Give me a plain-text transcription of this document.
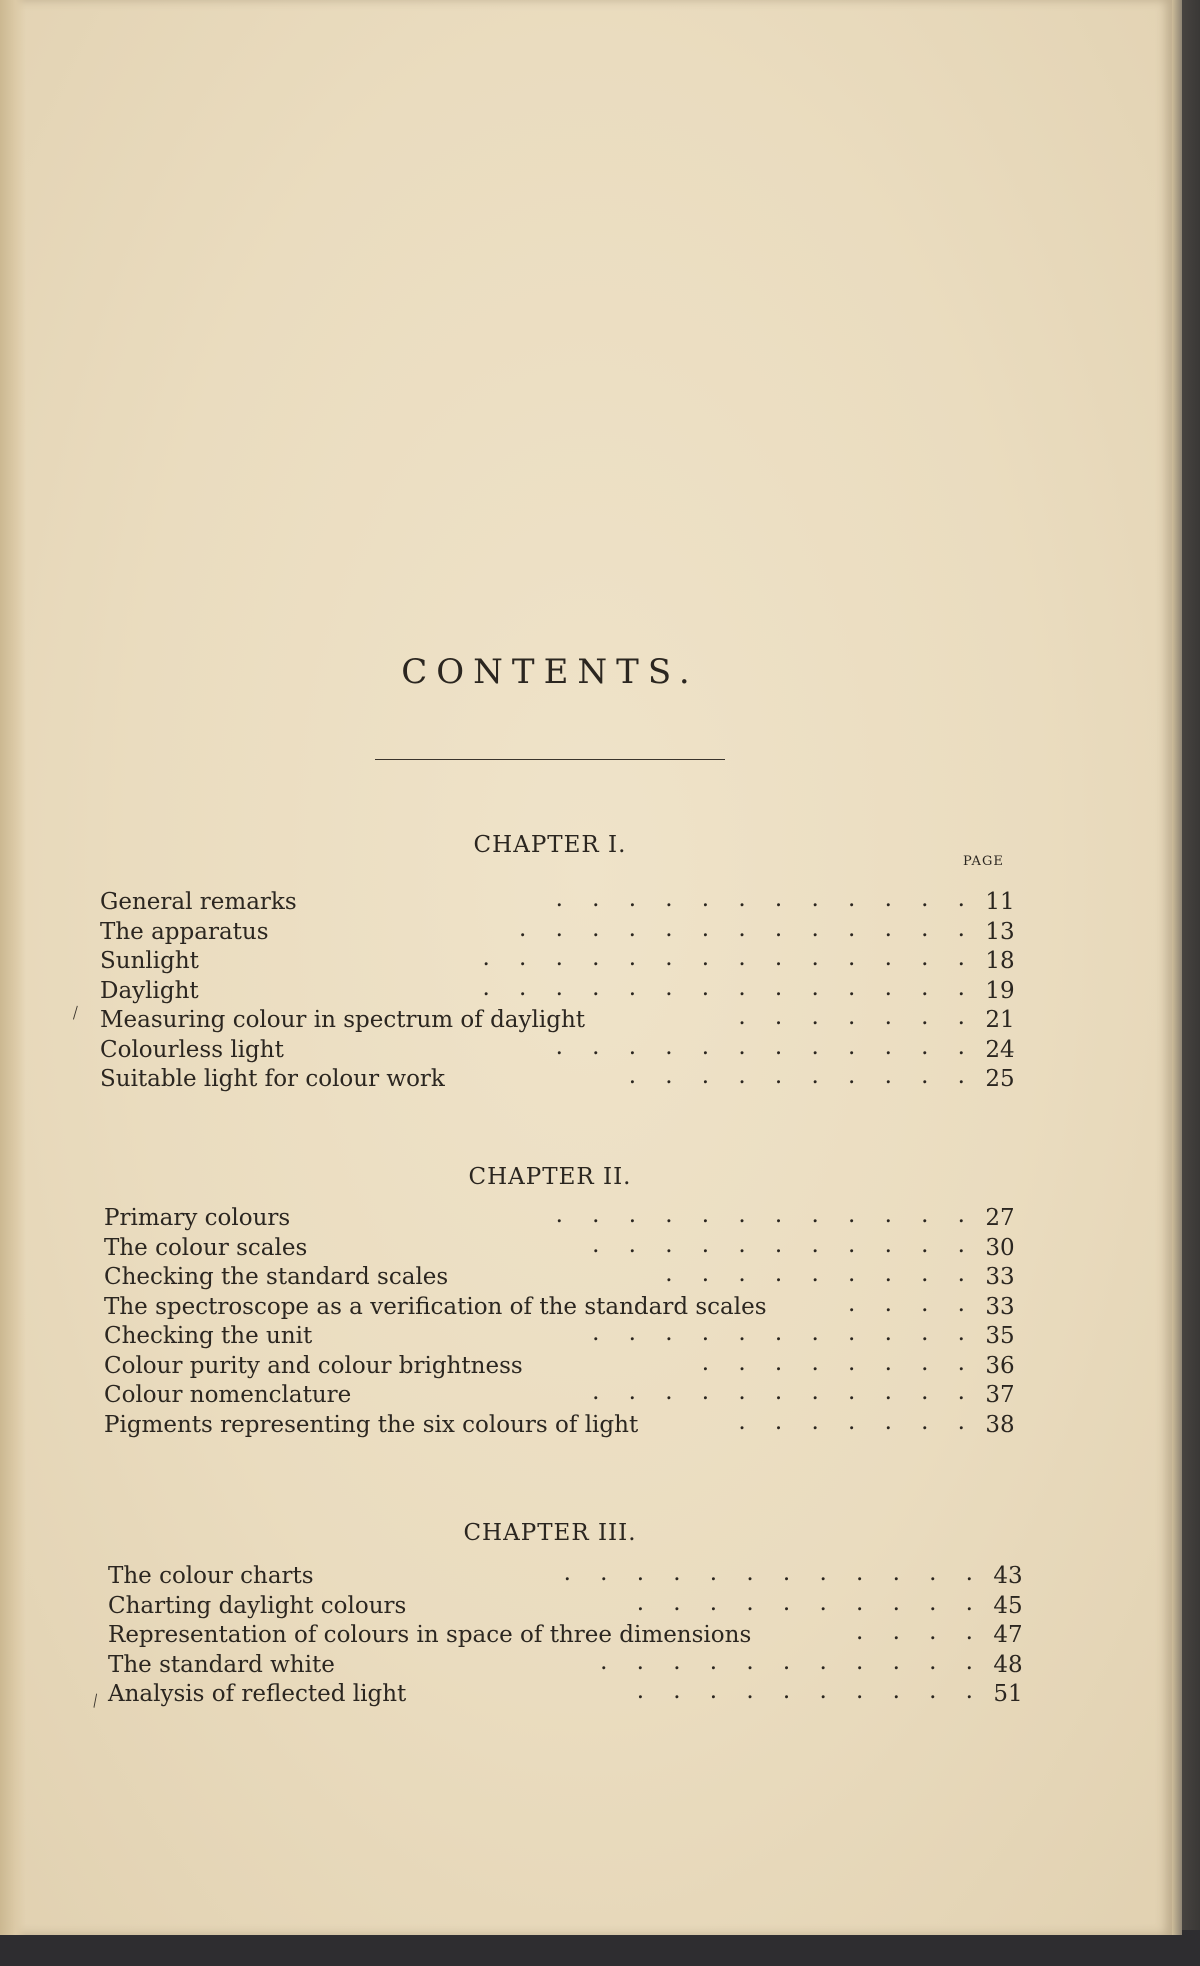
CONTENTS.
CHAPTER I.
PAGE
General remarks	.    .    .    .    .    .    .    .    .    .    .    . 11
The apparatus	.    .    .    .    .    .    .    .    .    .    .    .    . 13
Sunlight	.    .    .    .    .    .    .    .    .    .    .    .    .    . 18
Daylight	.    .    .    .    .    .    .    .    .    .    .    .    .    . 19
Measuring colour in spectrum of daylight	.    .    .    .    .    .    . 21
Colourless light	.    .    .    .    .    .    .    .    .    .    .    . 24
Suitable light for colour work	.    .    .    .    .    .    .    .    .    . 25
CHAPTER II.
Primary colours	.    .    .    .    .    .    .    .    .    .    .    . 27
The colour scales	.    .    .    .    .    .    .    .    .    .    . 30
Checking the standard scales	.    .    .    .    .    .    .    .    . 33
The spectroscope as a verification of the standard scales	.    .    .    . 33
Checking the unit	.    .    .    .    .    .    .    .    .    .    . 35
Colour purity and colour brightness	.    .    .    .    .    .    .    . 36
Colour nomenclature	.    .    .    .    .    .    .    .    .    .    . 37
Pigments representing the six colours of light	.    .    .    .    .    .    . 38
CHAPTER III.
The colour charts	.    .    .    .    .    .    .    .    .    .    .    . 43
Charting daylight colours	.    .    .    .    .    .    .    .    .    . 45
Representation of colours in space of three dimensions	.    .    .    . 47
The standard white	.    .    .    .    .    .    .    .    .    .    . 48
Analysis of reflected light	.    .    .    .    .    .    .    .    .    . 51
\
\
